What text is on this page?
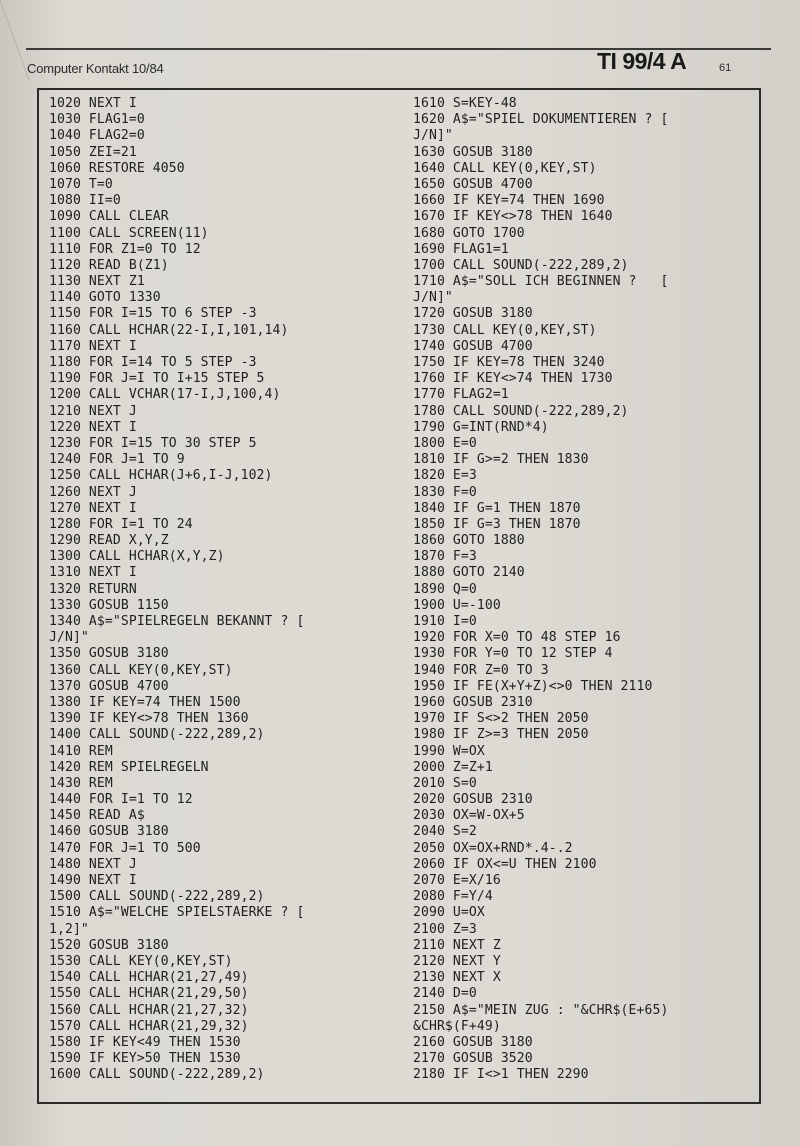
Computer Kontakt 10/84	TI 99/4 A	61
1020 NEXT I
1030 FLAG1=0
1040 FLAG2=0
1050 ZEI=21
1060 RESTORE 4050
1070 T=0
1080 II=0
1090 CALL CLEAR
1100 CALL SCREEN(11)
1110 FOR Z1=0 TO 12
1120 READ B(Z1)
1130 NEXT Z1
1140 GOTO 1330
1150 FOR I=15 TO 6 STEP -3
1160 CALL HCHAR(22-I,I,101,14)
1170 NEXT I
1180 FOR I=14 TO 5 STEP -3
1190 FOR J=I TO I+15 STEP 5
1200 CALL VCHAR(17-I,J,100,4)
1210 NEXT J
1220 NEXT I
1230 FOR I=15 TO 30 STEP 5
1240 FOR J=1 TO 9
1250 CALL HCHAR(J+6,I-J,102)
1260 NEXT J
1270 NEXT I
1280 FOR I=1 TO 24
1290 READ X,Y,Z
1300 CALL HCHAR(X,Y,Z)
1310 NEXT I
1320 RETURN
1330 GOSUB 1150
1340 A$="SPIELREGELN BEKANNT ? [
J/N]"
1350 GOSUB 3180
1360 CALL KEY(0,KEY,ST)
1370 GOSUB 4700
1380 IF KEY=74 THEN 1500
1390 IF KEY<>78 THEN 1360
1400 CALL SOUND(-222,289,2)
1410 REM
1420 REM SPIELREGELN
1430 REM
1440 FOR I=1 TO 12
1450 READ A$
1460 GOSUB 3180
1470 FOR J=1 TO 500
1480 NEXT J
1490 NEXT I
1500 CALL SOUND(-222,289,2)
1510 A$="WELCHE SPIELSTAERKE ? [
1,2]"
1520 GOSUB 3180
1530 CALL KEY(0,KEY,ST)
1540 CALL HCHAR(21,27,49)
1550 CALL HCHAR(21,29,50)
1560 CALL HCHAR(21,27,32)
1570 CALL HCHAR(21,29,32)
1580 IF KEY<49 THEN 1530
1590 IF KEY>50 THEN 1530
1600 CALL SOUND(-222,289,2)
1610 S=KEY-48
1620 A$="SPIEL DOKUMENTIEREN ? [
J/N]"
1630 GOSUB 3180
1640 CALL KEY(0,KEY,ST)
1650 GOSUB 4700
1660 IF KEY=74 THEN 1690
1670 IF KEY<>78 THEN 1640
1680 GOTO 1700
1690 FLAG1=1
1700 CALL SOUND(-222,289,2)
1710 A$="SOLL ICH BEGINNEN ?   [
J/N]"
1720 GOSUB 3180
1730 CALL KEY(0,KEY,ST)
1740 GOSUB 4700
1750 IF KEY=78 THEN 3240
1760 IF KEY<>74 THEN 1730
1770 FLAG2=1
1780 CALL SOUND(-222,289,2)
1790 G=INT(RND*4)
1800 E=0
1810 IF G>=2 THEN 1830
1820 E=3
1830 F=0
1840 IF G=1 THEN 1870
1850 IF G=3 THEN 1870
1860 GOTO 1880
1870 F=3
1880 GOTO 2140
1890 Q=0
1900 U=-100
1910 I=0
1920 FOR X=0 TO 48 STEP 16
1930 FOR Y=0 TO 12 STEP 4
1940 FOR Z=0 TO 3
1950 IF FE(X+Y+Z)<>0 THEN 2110
1960 GOSUB 2310
1970 IF S<>2 THEN 2050
1980 IF Z>=3 THEN 2050
1990 W=OX
2000 Z=Z+1
2010 S=0
2020 GOSUB 2310
2030 OX=W-OX+5
2040 S=2
2050 OX=OX+RND*.4-.2
2060 IF OX<=U THEN 2100
2070 E=X/16
2080 F=Y/4
2090 U=OX
2100 Z=3
2110 NEXT Z
2120 NEXT Y
2130 NEXT X
2140 D=0
2150 A$="MEIN ZUG : "&CHR$(E+65)
&CHR$(F+49)
2160 GOSUB 3180
2170 GOSUB 3520
2180 IF I<>1 THEN 2290
